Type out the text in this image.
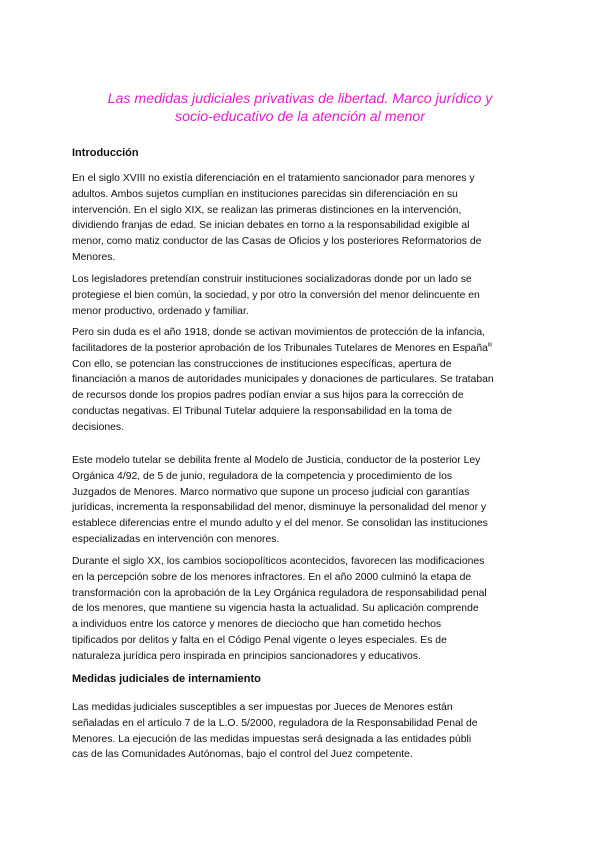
Las medidas judiciales privativas de libertad. Marco jurídico y
socio-educativo de la atención al menor
Introducción
En el siglo XVIII no existía diferenciación en el tratamiento sancionador para menores y
adultos. Ambos sujetos cumplían en instituciones parecidas sin diferenciación en su
intervención. En el siglo XIX, se realizan las primeras distinciones en la intervención,
dividiendo franjas de edad. Se inician debates en torno a la responsabilidad exigible al
menor, como matiz conductor de las Casas de Oficios y los posteriores Reformatorios de
Menores.
Los legisladores pretendían construir instituciones socializadoras donde por un lado se
protegiese el bien común, la sociedad, y por otro la conversión del menor delincuente en
menor productivo, ordenado y familiar.
Pero sin duda es el año 1918, donde se activan movimientos de protección de la infancia,
facilitadores de la posterior aprobación de los Tribunales Tutelares de Menores en España$^{iii}$
Con ello, se potencian las construcciones de instituciones específicas, apertura de
financiación a manos de autoridades municipales y donaciones de particulares. Se trataban
de recursos donde los propios padres podían enviar a sus hijos para la corrección de
conductas negativas. El Tribunal Tutelar adquiere la responsabilidad en la toma de
decisiones.
Este modelo tutelar se debilita frente al Modelo de Justicia, conductor de la posterior Ley
Orgánica 4/92, de 5 de junio, reguladora de la competencia y procedimiento de los
Juzgados de Menores. Marco normativo que supone un proceso judicial con garantías
jurídicas, incrementa la responsabilidad del menor, disminuye la personalidad del menor y
establece diferencias entre el mundo adulto y el del menor. Se consolidan las instituciones
especializadas en intervención con menores.
Durante el siglo XX, los cambios sociopolíticos acontecidos, favorecen las modificaciones
en la percepción sobre de los menores infractores. En el año 2000 culminó la etapa de
transformación con la aprobación de la Ley Orgánica reguladora de responsabilidad penal
de los menores, que mantiene su vigencia hasta la actualidad. Su aplicación comprende
a individuos entre los catorce y menores de dieciocho que han cometido hechos
tipificados por delitos y falta en el Código Penal vigente o leyes especiales. Es de
naturaleza jurídica pero inspirada en principios sancionadores y educativos.
Medidas judiciales de internamiento
Las medidas judiciales susceptibles a ser impuestas por Jueces de Menores están
señaladas en el artículo 7 de la L.O. 5/2000, reguladora de la Responsabilidad Penal de
Menores. La ejecución de las medidas impuestas será designada a las entidades públi
cas de las Comunidades Autónomas, bajo el control del Juez competente.
